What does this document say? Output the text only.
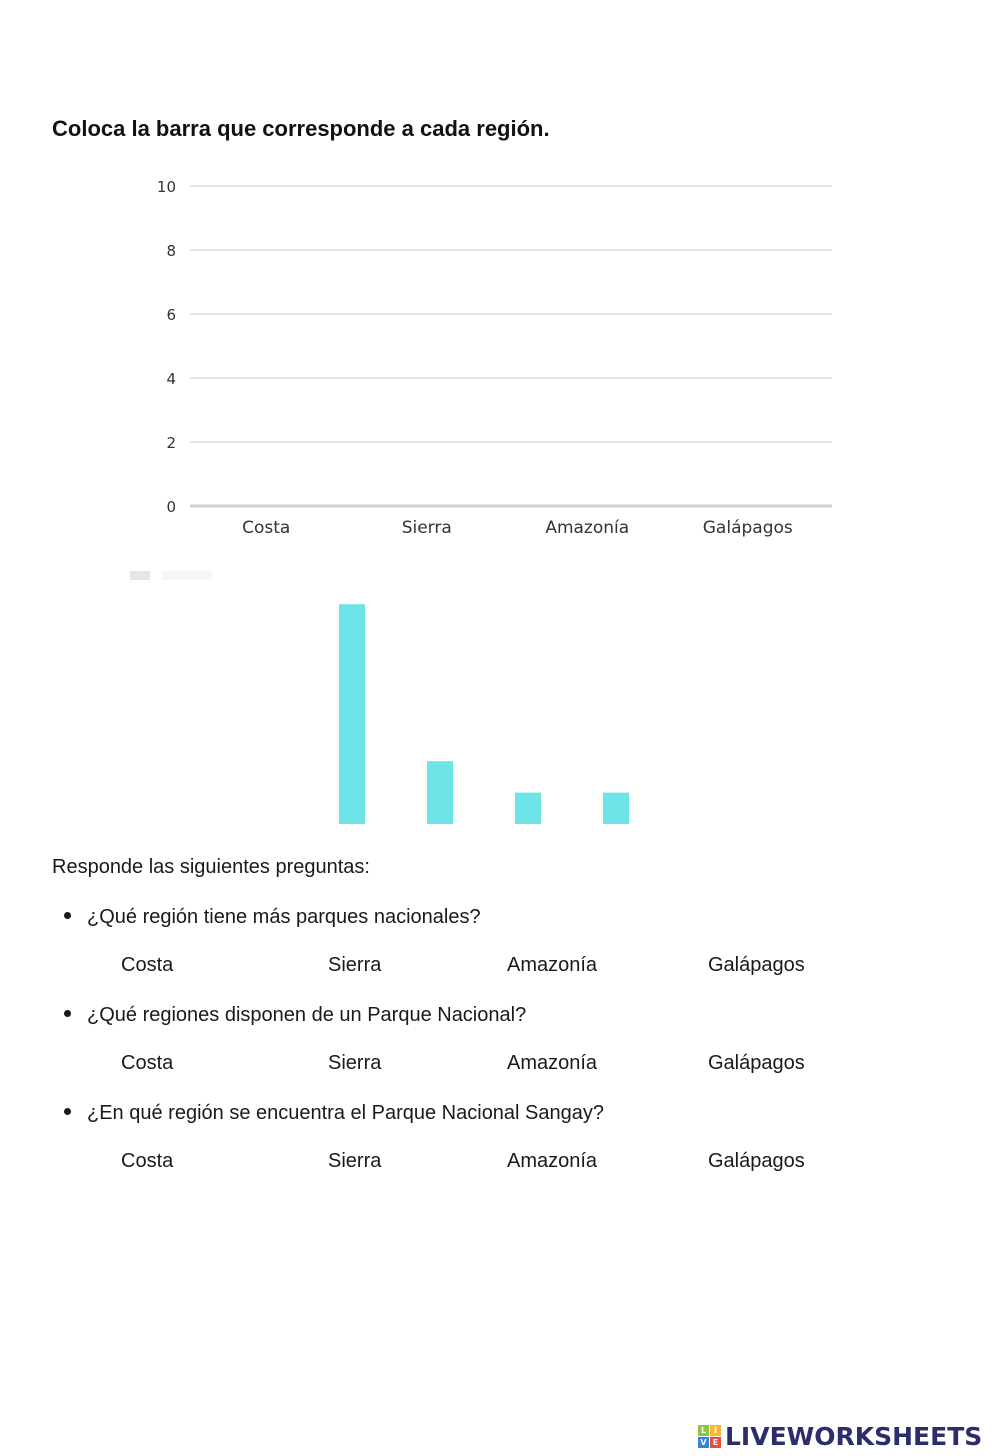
Coloca la barra que corresponde a cada región.
0
2
4
6
8
10
Costa	Sierra	Amazonía	Galápagos
Responde las siguientes preguntas:
¿Qué región tiene más parques nacionales?
Costa	Sierra	Amazonía	Galápagos
¿Qué regiones disponen de un Parque Nacional?
Costa	Sierra	Amazonía	Galápagos
¿En qué región se encuentra el Parque Nacional Sangay?
Costa	Sierra	Amazonía	Galápagos
L I
V E LIVEWORKSHEETS
